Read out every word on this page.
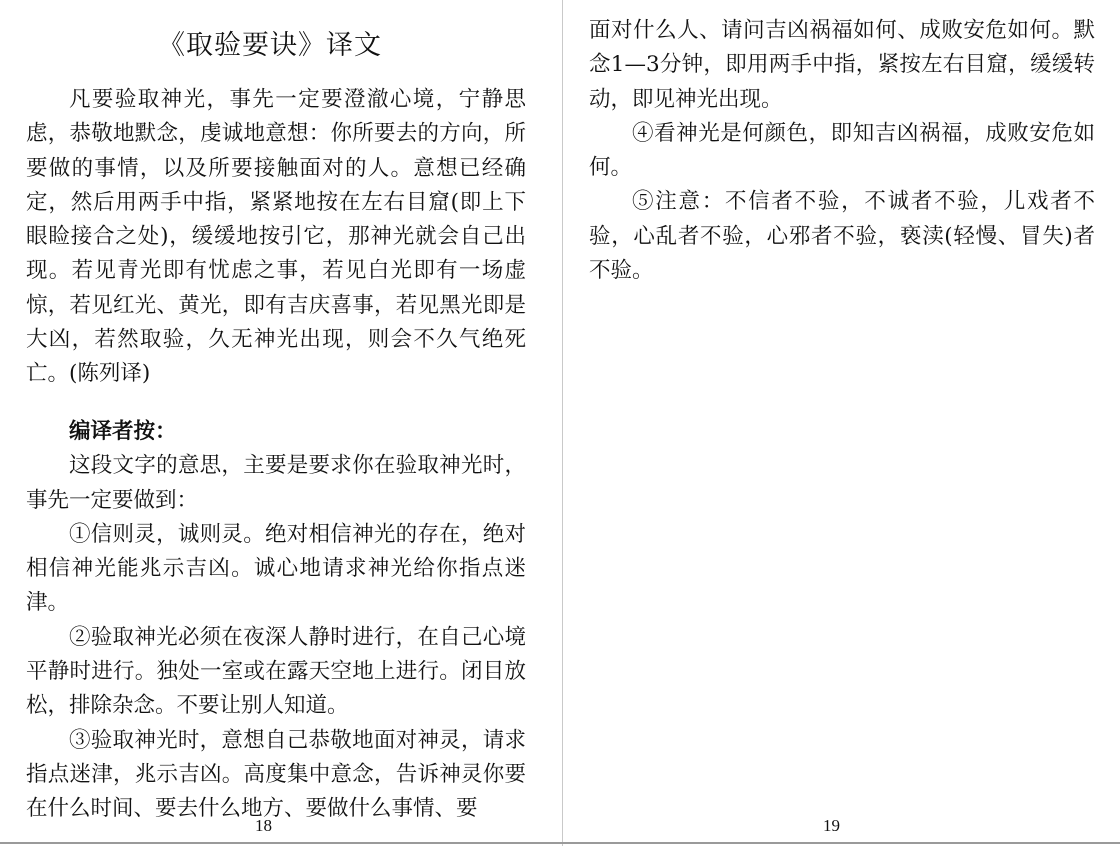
《取验要诀》译文

凡要验取神光，事先一定要澄澈心境，宁静思虑，恭敬地默念，虔诚地意想：你所要去的方向，所要做的事情，以及所要接触面对的人。意想已经确定，然后用两手中指，紧紧地按在左右目窟(即上下眼睑接合之处)，缓缓地按引它，那神光就会自己出现。若见青光即有忧虑之事，若见白光即有一场虚惊，若见红光、黄光，即有吉庆喜事，若见黑光即是大凶，若然取验，久无神光出现，则会不久气绝死亡。(陈列译)

编译者按：

这段文字的意思，主要是要求你在验取神光时，事先一定要做到：

①信则灵，诚则灵。绝对相信神光的存在，绝对相信神光能兆示吉凶。诚心地请求神光给你指点迷津。

②验取神光必须在夜深人静时进行，在自己心境平静时进行。独处一室或在露天空地上进行。闭目放松，排除杂念。不要让别人知道。

③验取神光时，意想自己恭敬地面对神灵，请求指点迷津，兆示吉凶。高度集中意念，告诉神灵你要在什么时间、要去什么地方、要做什么事情、要

18

面对什么人、请问吉凶祸福如何、成败安危如何。默念1—3分钟，即用两手中指，紧按左右目窟，缓缓转动，即见神光出现。

④看神光是何颜色，即知吉凶祸福，成败安危如何。

⑤注意：不信者不验，不诚者不验，儿戏者不验，心乱者不验，心邪者不验，亵渎(轻慢、冒失)者不验。

19
